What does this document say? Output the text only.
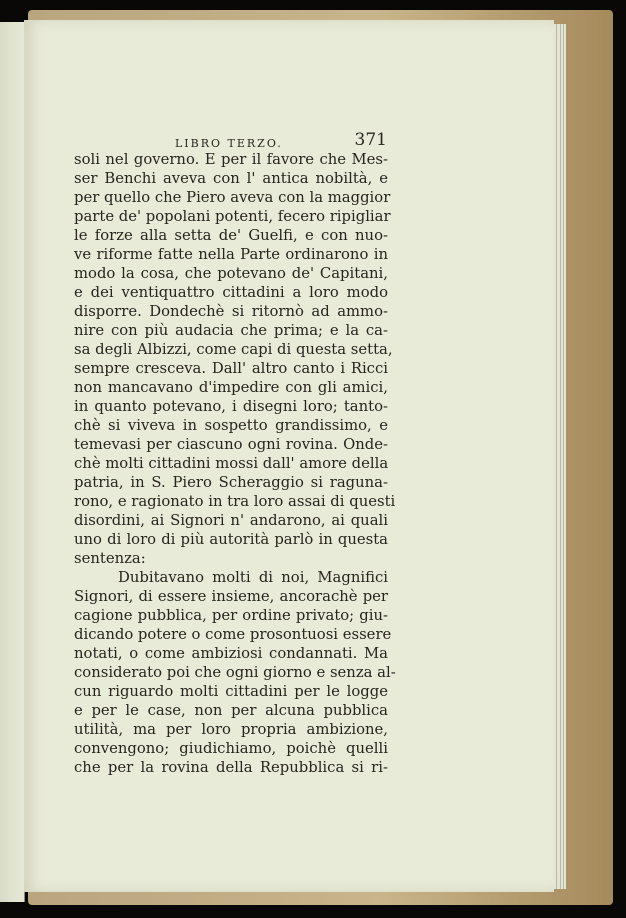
LIBRO TERZO.	371
soli nel governo. E per il favore che Mes-
ser Benchi aveva con l' antica nobiltà, e
per quello che Piero aveva con la maggior
parte de' popolani potenti, fecero ripigliar
le forze alla setta de' Guelfi, e con nuo-
ve riforme fatte nella Parte ordinarono in
modo la cosa, che potevano de' Capitani,
e dei ventiquattro cittadini a loro modo
disporre. Dondechè si ritornò ad ammo-
nire con più audacia che prima; e la ca-
sa degli Albizzi, come capi di questa setta,
sempre cresceva. Dall' altro canto i Ricci
non mancavano d'impedire con gli amici,
in quanto potevano, i disegni loro; tanto-
chè si viveva in sospetto grandissimo, e
temevasi per ciascuno ogni rovina. Onde-
chè molti cittadini mossi dall' amore della
patria, in S. Piero Scheraggio si raguna-
rono, e ragionato in tra loro assai di questi
disordini, ai Signori n' andarono, ai quali
uno di loro di più autorità parlò in questa
sentenza:
Dubitavano molti di noi, Magnifici
Signori, di essere insieme, ancorachè per
cagione pubblica, per ordine privato; giu-
dicando potere o come prosontuosi essere
notati, o come ambiziosi condannati. Ma
considerato poi che ogni giorno e senza al-
cun riguardo molti cittadini per le logge
e per le case, non per alcuna pubblica
utilità, ma per loro propria ambizione,
convengono; giudichiamo, poichè quelli
che per la rovina della Repubblica si ri-
